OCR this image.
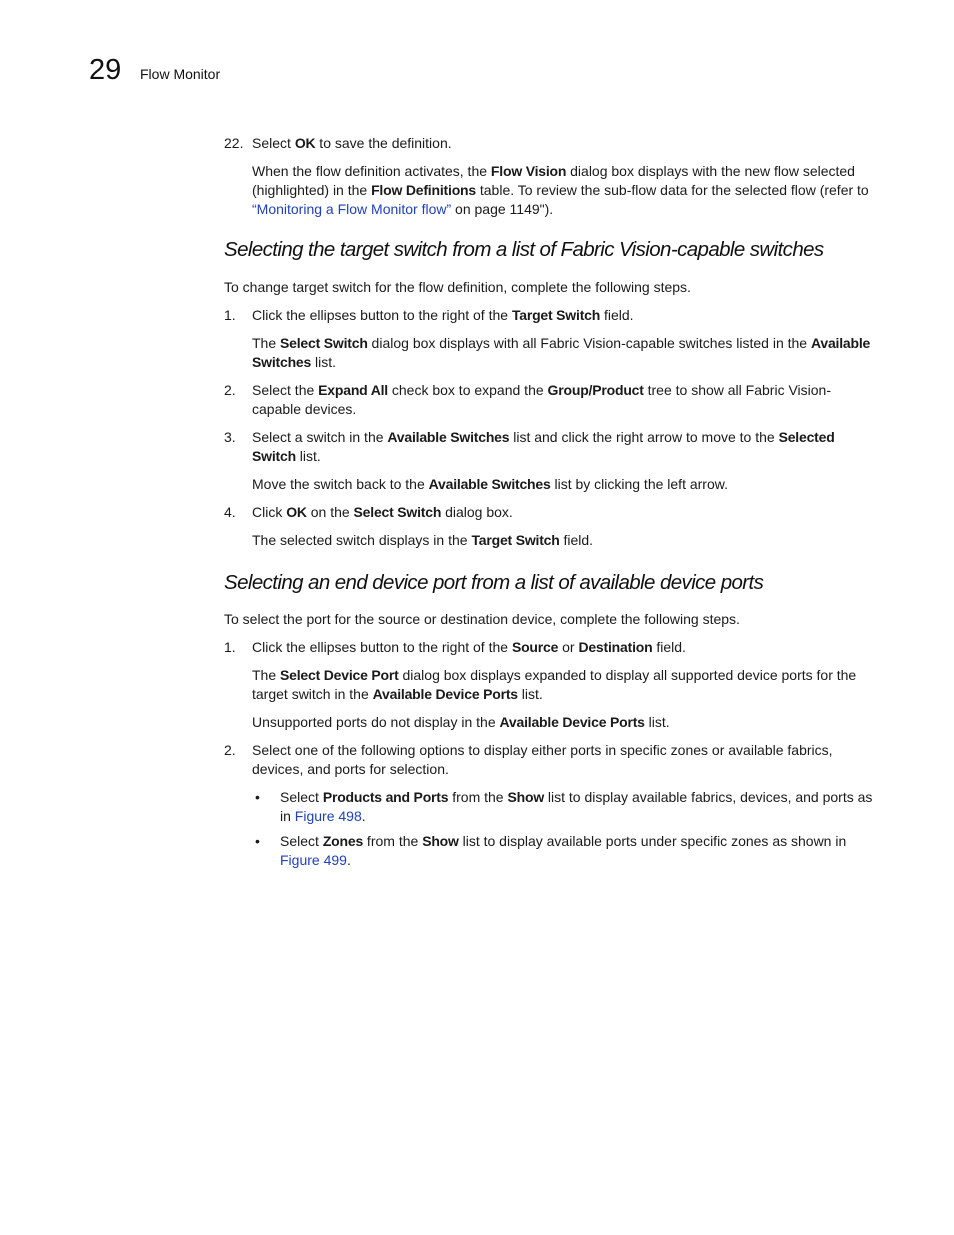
29 Flow Monitor
22. Select OK to save the definition.

When the flow definition activates, the Flow Vision dialog box displays with the new flow selected (highlighted) in the Flow Definitions table. To review the sub-flow data for the selected flow (refer to “Monitoring a Flow Monitor flow” on page 1149").

Selecting the target switch from a list of Fabric Vision-capable switches

To change target switch for the flow definition, complete the following steps.

1. Click the ellipses button to the right of the Target Switch field.

The Select Switch dialog box displays with all Fabric Vision-capable switches listed in the Available Switches list.

2. Select the Expand All check box to expand the Group/Product tree to show all Fabric Vision-capable devices.

3. Select a switch in the Available Switches list and click the right arrow to move to the Selected Switch list.

Move the switch back to the Available Switches list by clicking the left arrow.

4. Click OK on the Select Switch dialog box.

The selected switch displays in the Target Switch field.

Selecting an end device port from a list of available device ports

To select the port for the source or destination device, complete the following steps.

1. Click the ellipses button to the right of the Source or Destination field.

The Select Device Port dialog box displays expanded to display all supported device ports for the target switch in the Available Device Ports list.

Unsupported ports do not display in the Available Device Ports list.

2. Select one of the following options to display either ports in specific zones or available fabrics, devices, and ports for selection.

• Select Products and Ports from the Show list to display available fabrics, devices, and ports as in Figure 498.

• Select Zones from the Show list to display available ports under specific zones as shown in Figure 499.
